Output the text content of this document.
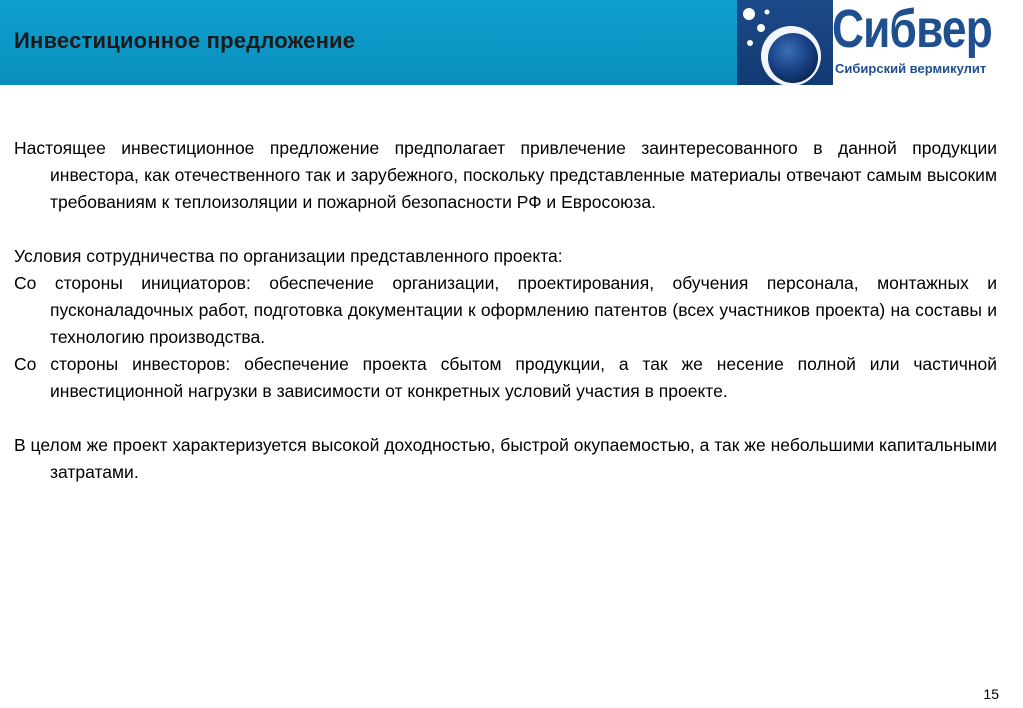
Инвестиционное предложение	Сибвер
Сибирский вермикулит

Настоящее инвестиционное предложение предполагает привлечение заинтересованного в данной продукции инвестора, как отечественного так и зарубежного, поскольку представленные материалы отвечают самым высоким требованиям к теплоизоляции и пожарной безопасности РФ и Евросоюза.

Условия сотрудничества по организации представленного проекта:

Со стороны инициаторов: обеспечение организации, проектирования, обучения персонала, монтажных и пусконаладочных работ, подготовка документации к оформлению патентов (всех участников проекта) на составы и технологию производства.

Со стороны инвесторов: обеспечение проекта сбытом продукции, а так же несение полной или частичной инвестиционной нагрузки в зависимости от конкретных условий участия в проекте.

В целом же проект характеризуется высокой доходностью, быстрой окупаемостью, а так же небольшими капитальными затратами.

15
